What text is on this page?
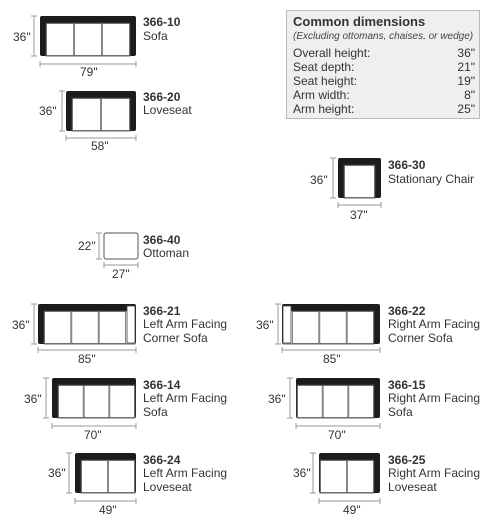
Common dimensions
(Excluding ottomans, chaises, or wedge)
Overall height:	36"
Seat depth:	21"
Seat height:	19"
Arm width:	8"
Arm height:	25"
36"
79"
366-10
Sofa
36"
58"
366-20
Loveseat
36"
37"
366-30
Stationary Chair
22"
27"
366-40
Ottoman
36"
85"
366-21
Left Arm Facing
Corner Sofa
36"
85"
366-22
Right Arm Facing
Corner Sofa
36"
70"
366-14
Left Arm Facing
Sofa
36"
70"
366-15
Right Arm Facing
Sofa
36"
49"
366-24
Left Arm Facing
Loveseat
36"
49"
366-25
Right Arm Facing
Loveseat
